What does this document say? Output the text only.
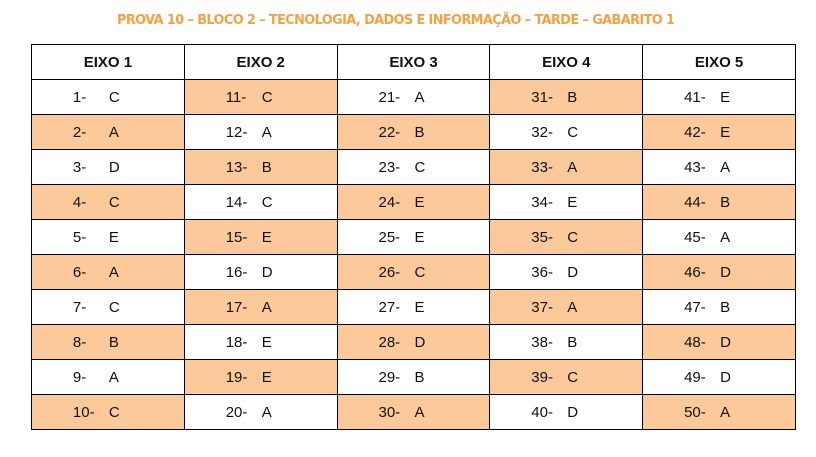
PROVA 10 – BLOCO 2 – TECNOLOGIA, DADOS E INFORMAÇÃO – TARDE – GABARITO 1
EIXO 1	EIXO 2	EIXO 3	EIXO 4	EIXO 5
1- C	11- C	21- A	31- B	41- E
2- A	12- A	22- B	32- C	42- E
3- D	13- B	23- C	33- A	43- A
4- C	14- C	24- E	34- E	44- B
5- E	15- E	25- E	35- C	45- A
6- A	16- D	26- C	36- D	46- D
7- C	17- A	27- E	37- A	47- B
8- B	18- E	28- D	38- B	48- D
9- A	19- E	29- B	39- C	49- D
10- C	20- A	30- A	40- D	50- A
